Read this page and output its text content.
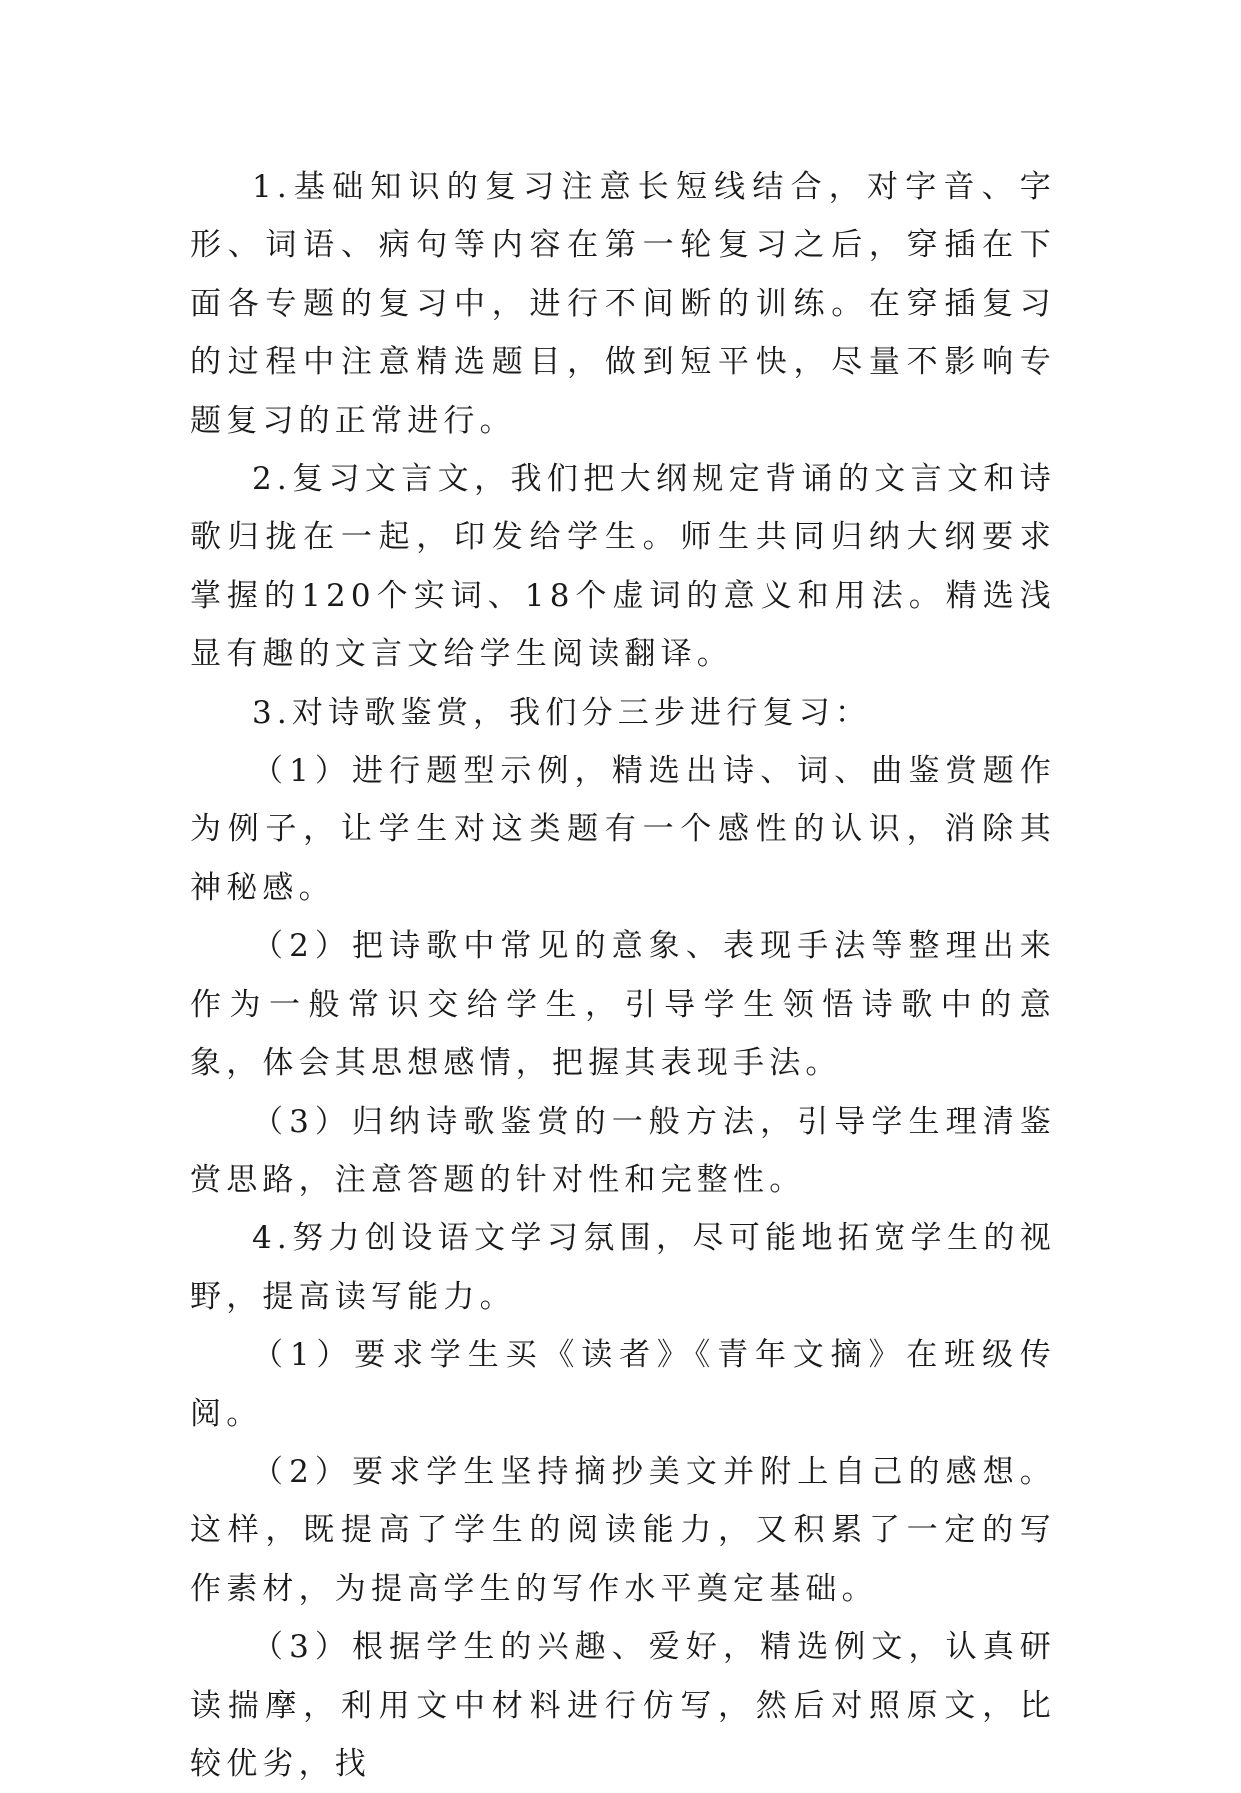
1.基础知识的复习注意长短线结合，对字音、字形、词语、病句等内容在第一轮复习之后，穿插在下面各专题的复习中，进行不间断的训练。在穿插复习的过程中注意精选题目，做到短平快，尽量不影响专题复习的正常进行。

2.复习文言文，我们把大纲规定背诵的文言文和诗歌归拢在一起，印发给学生。师生共同归纳大纲要求掌握的120个实词、18个虚词的意义和用法。精选浅显有趣的文言文给学生阅读翻译。

3.对诗歌鉴赏，我们分三步进行复习：

（1）进行题型示例，精选出诗、词、曲鉴赏题作为例子，让学生对这类题有一个感性的认识，消除其神秘感。

（2）把诗歌中常见的意象、表现手法等整理出来作为一般常识交给学生，引导学生领悟诗歌中的意象，体会其思想感情，把握其表现手法。

（3）归纳诗歌鉴赏的一般方法，引导学生理清鉴赏思路，注意答题的针对性和完整性。

4.努力创设语文学习氛围，尽可能地拓宽学生的视野，提高读写能力。

（1）要求学生买《读者》《青年文摘》在班级传阅。

（2）要求学生坚持摘抄美文并附上自己的感想。这样，既提高了学生的阅读能力，又积累了一定的写作素材，为提高学生的写作水平奠定基础。

（3）根据学生的兴趣、爱好，精选例文，认真研读揣摩，利用文中材料进行仿写，然后对照原文，比较优劣，找
